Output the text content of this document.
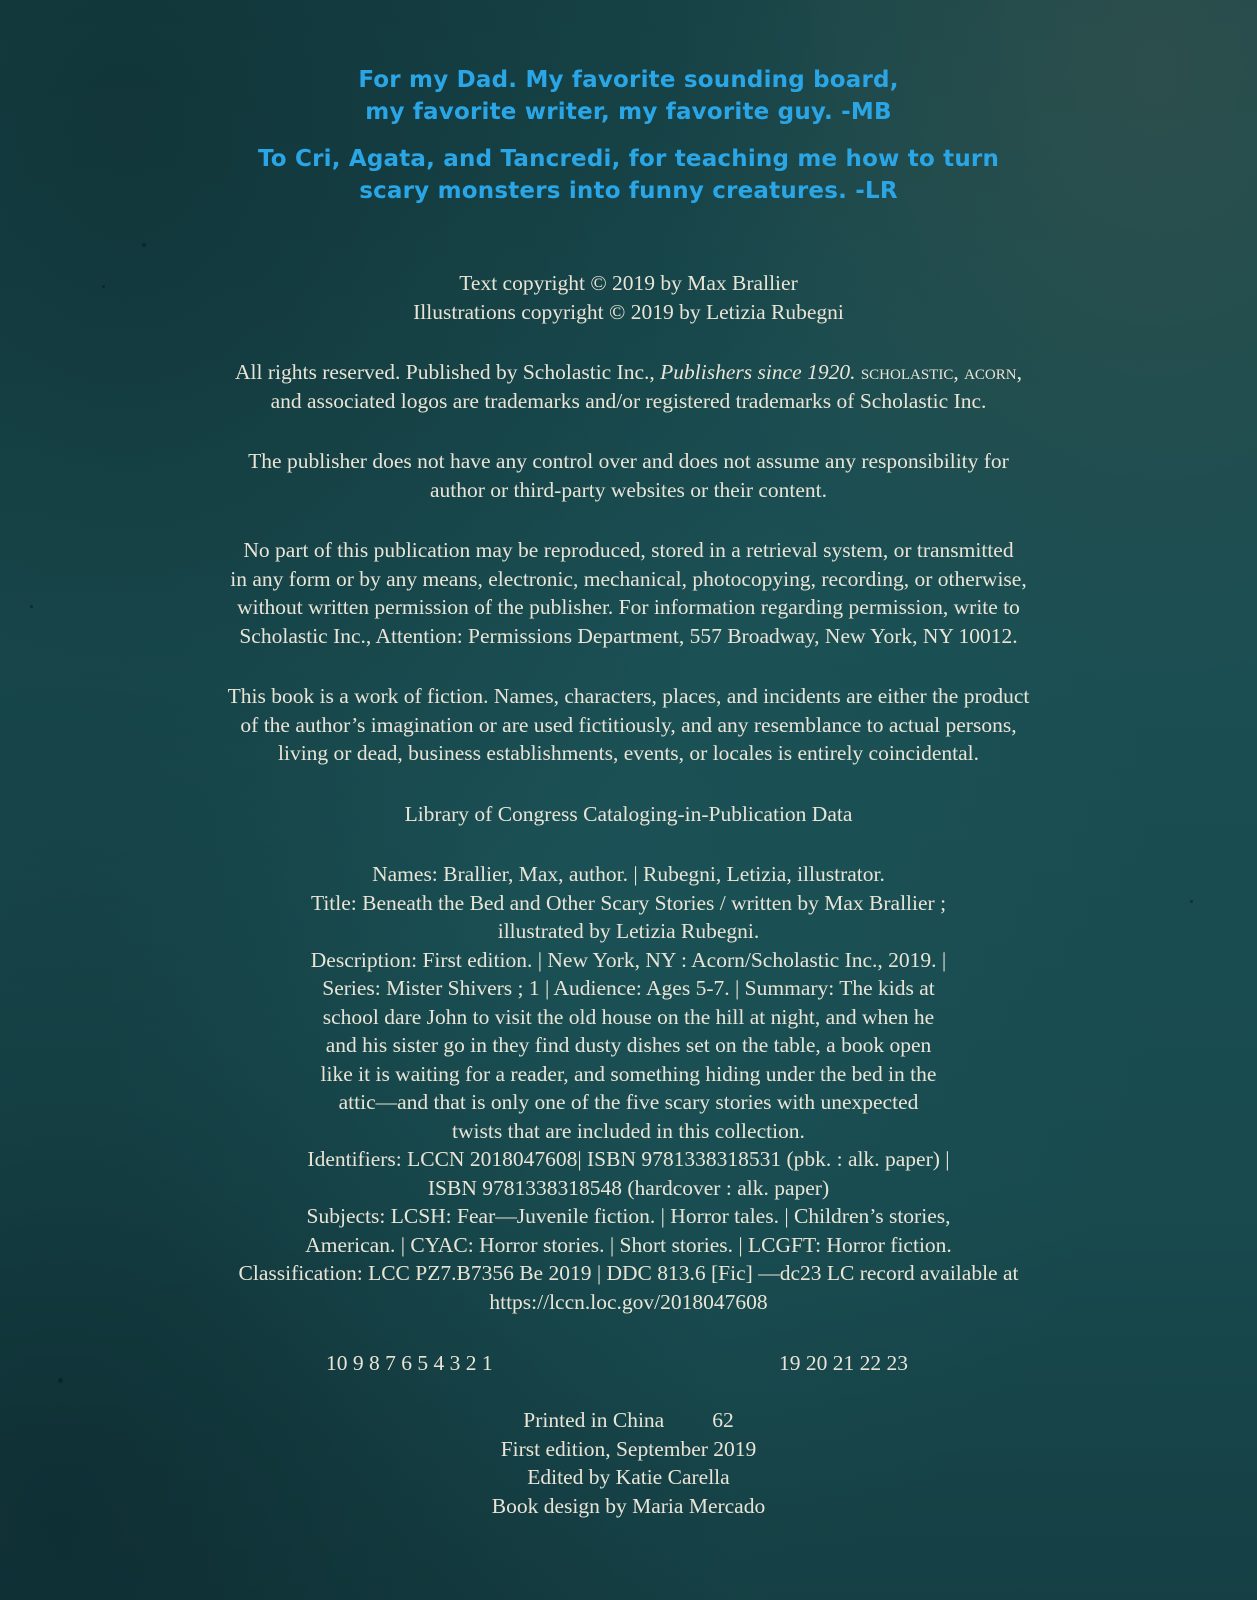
For my Dad. My favorite sounding board,
my favorite writer, my favorite guy. -MB
To Cri, Agata, and Tancredi, for teaching me how to turn
scary monsters into funny creatures. -LR
Text copyright © 2019 by Max Brallier
Illustrations copyright © 2019 by Letizia Rubegni
All rights reserved. Published by Scholastic Inc., Publishers since 1920. scholastic, acorn,
and associated logos are trademarks and/or registered trademarks of Scholastic Inc.
The publisher does not have any control over and does not assume any responsibility for
author or third-party websites or their content.
No part of this publication may be reproduced, stored in a retrieval system, or transmitted
in any form or by any means, electronic, mechanical, photocopying, recording, or otherwise,
without written permission of the publisher. For information regarding permission, write to
Scholastic Inc., Attention: Permissions Department, 557 Broadway, New York, NY 10012.
This book is a work of fiction. Names, characters, places, and incidents are either the product
of the author’s imagination or are used fictitiously, and any resemblance to actual persons,
living or dead, business establishments, events, or locales is entirely coincidental.
Library of Congress Cataloging-in-Publication Data
Names: Brallier, Max, author. | Rubegni, Letizia, illustrator.
Title: Beneath the Bed and Other Scary Stories / written by Max Brallier ;
illustrated by Letizia Rubegni.
Description: First edition. | New York, NY : Acorn/Scholastic Inc., 2019. |
Series: Mister Shivers ; 1 | Audience: Ages 5-7. | Summary: The kids at
school dare John to visit the old house on the hill at night, and when he
and his sister go in they find dusty dishes set on the table, a book open
like it is waiting for a reader, and something hiding under the bed in the
attic—and that is only one of the five scary stories with unexpected
twists that are included in this collection.
Identifiers: LCCN 2018047608| ISBN 9781338318531 (pbk. : alk. paper) |
ISBN 9781338318548 (hardcover : alk. paper)
Subjects: LCSH: Fear—Juvenile fiction. | Horror tales. | Children’s stories,
American. | CYAC: Horror stories. | Short stories. | LCGFT: Horror fiction.
Classification: LCC PZ7.B7356 Be 2019 | DDC 813.6 [Fic] —dc23 LC record available at
https://lccn.loc.gov/2018047608
10 9 8 7 6 5 4 3 2 1	19 20 21 22 23
Printed in China 62
First edition, September 2019
Edited by Katie Carella
Book design by Maria Mercado
